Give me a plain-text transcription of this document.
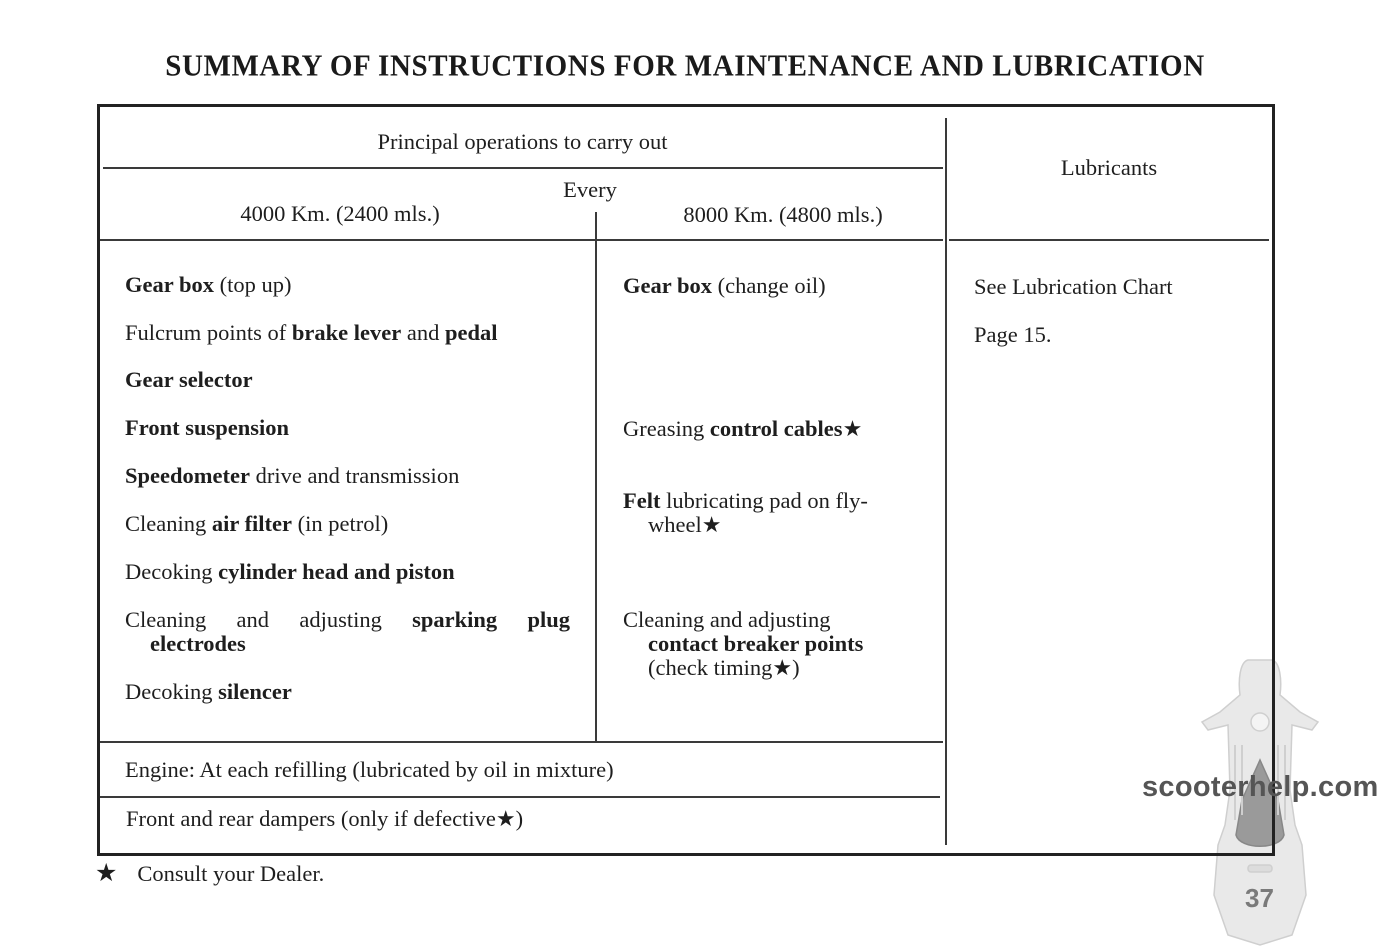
SUMMARY OF INSTRUCTIONS FOR MAINTENANCE AND LUBRICATION
Principal operations to carry out
Every
4000 Km. (2400 mls.)	8000 Km. (4800 mls.)
Lubricants
Gear box (top up)
Fulcrum points of brake lever and pedal
Gear selector
Front suspension
Speedometer drive and transmission
Cleaning air filter (in petrol)
Decoking cylinder head and piston
Cleaning and adjusting sparking plug
electrodes
Decoking silencer
Gear box (change oil)
Greasing control cables★
Felt lubricating pad on fly-
wheel★
Cleaning and adjusting
contact breaker points
(check timing★)
See Lubrication Chart
Page 15.
Engine: At each refilling (lubricated by oil in mixture)
Front and rear dampers (only if defective★)
★ Consult your Dealer.
scooterhelp.com
37
